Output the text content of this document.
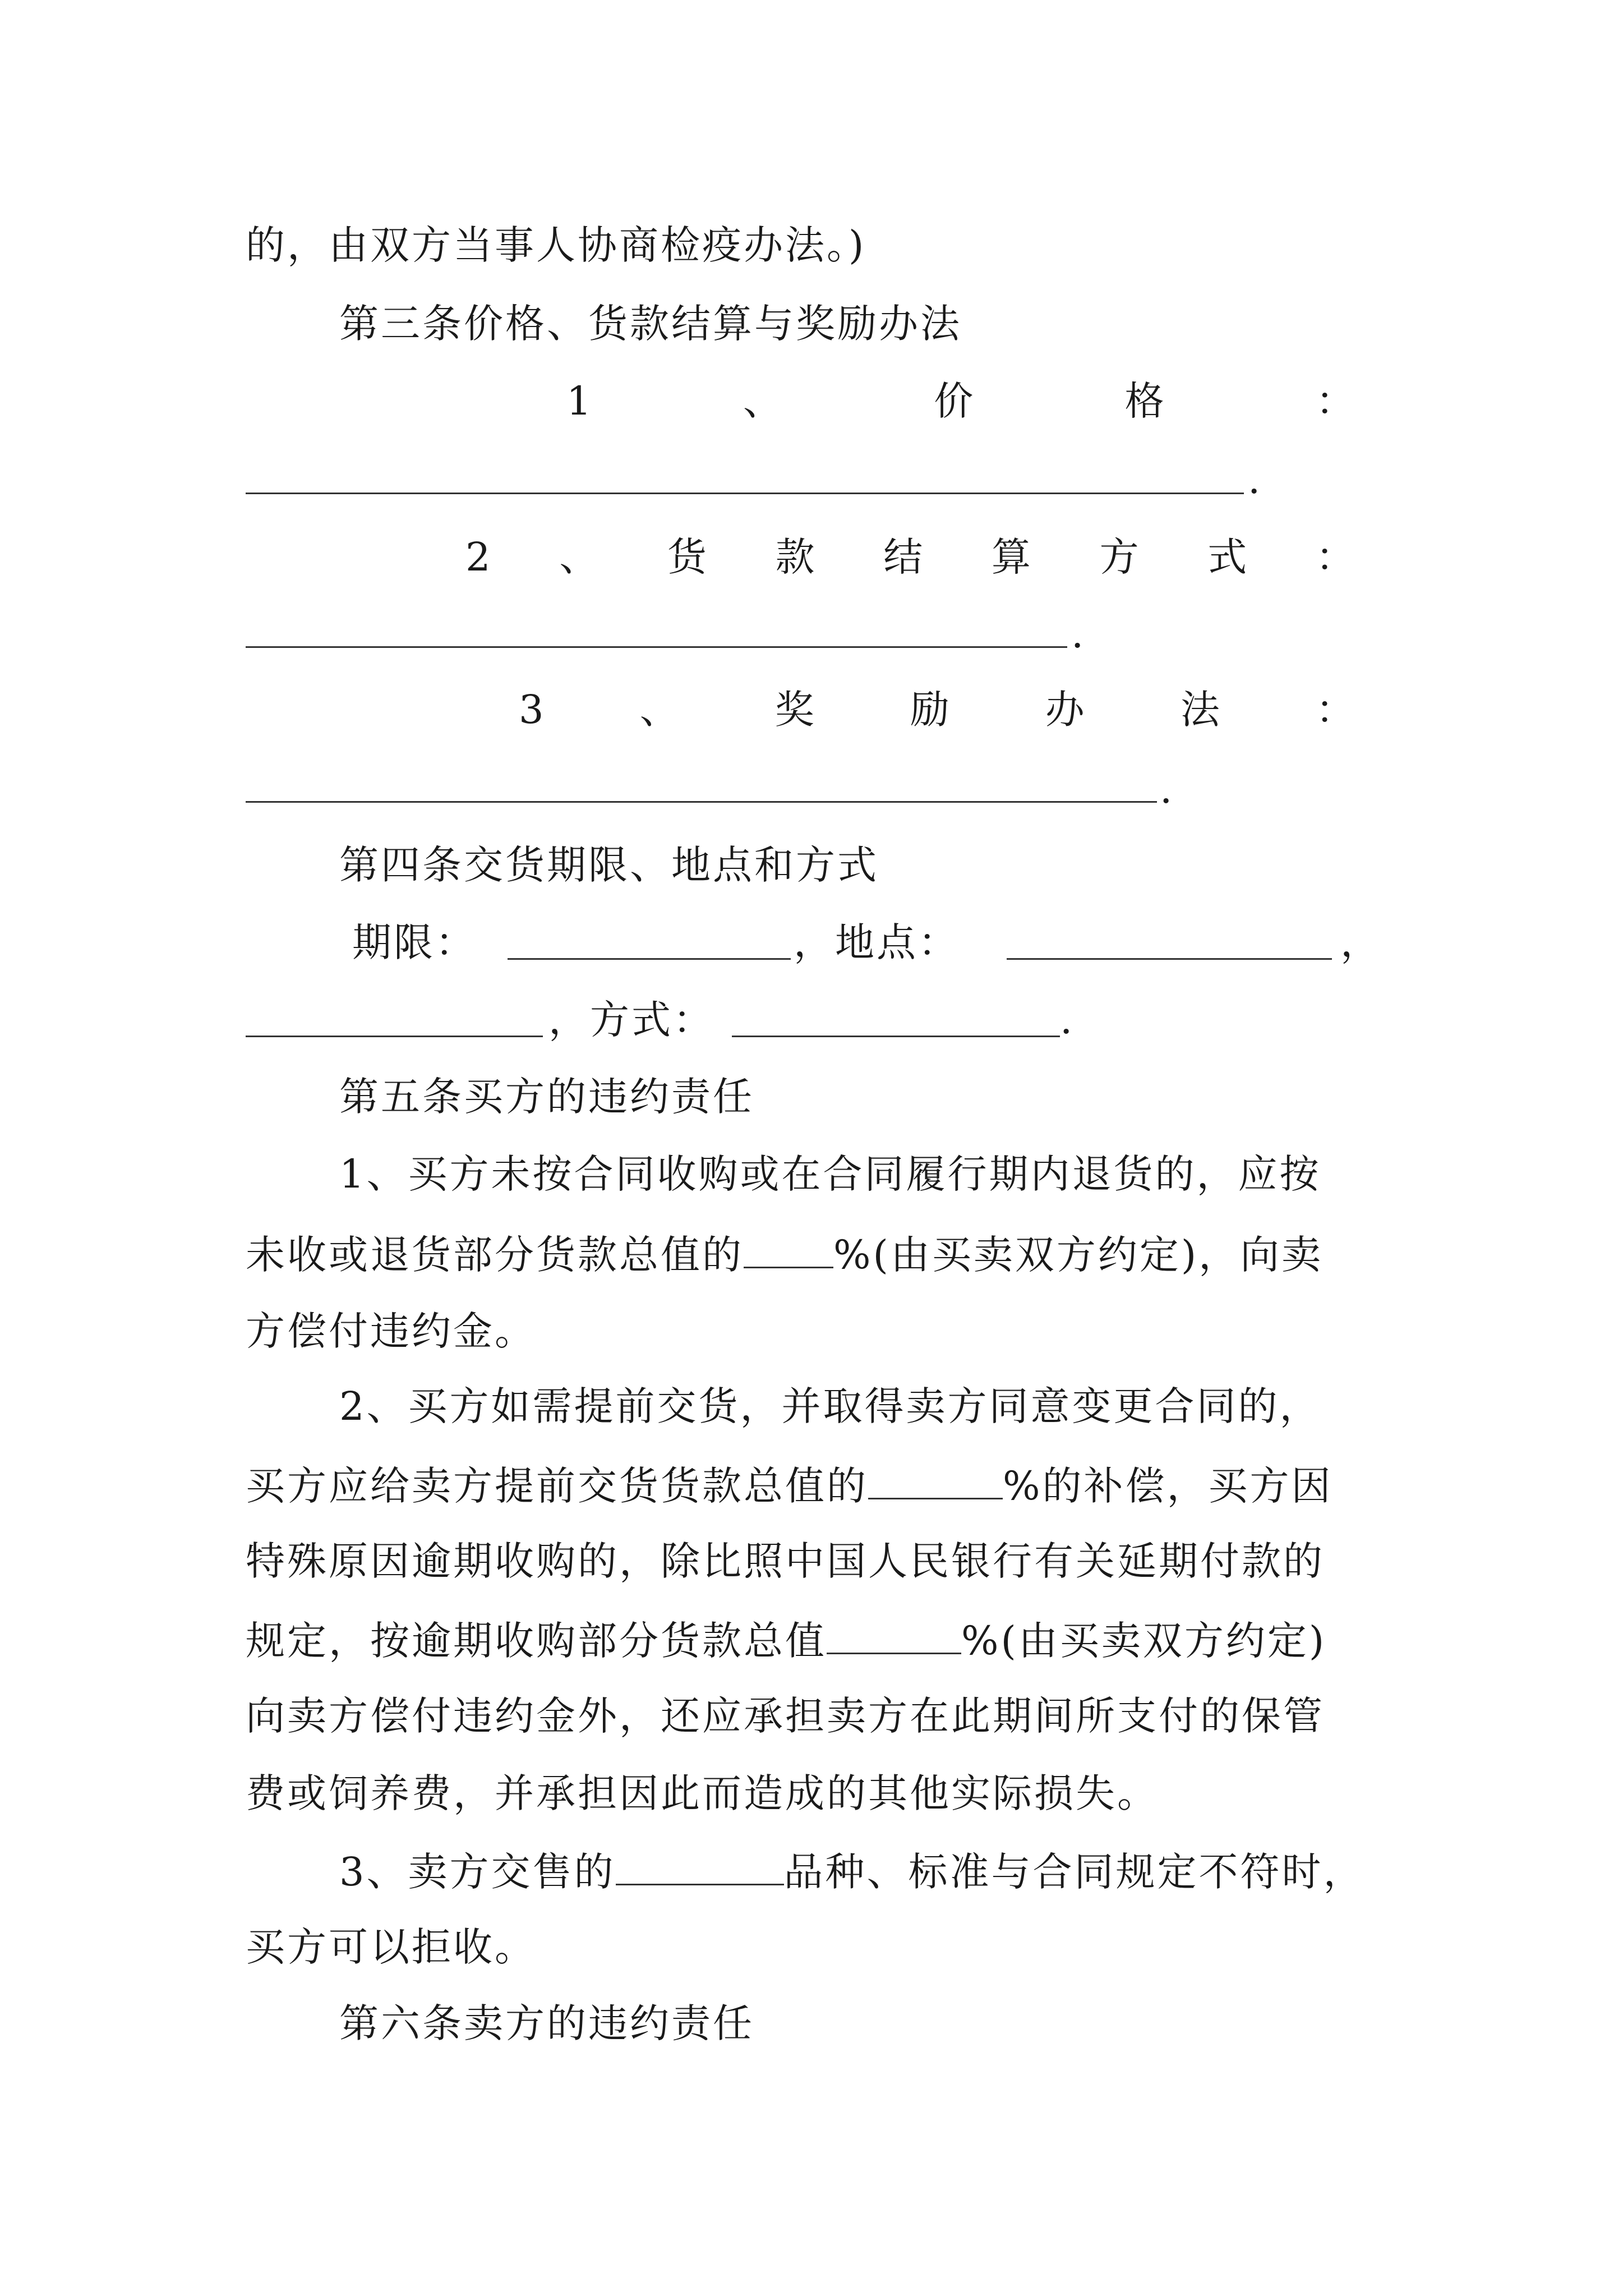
的，由双方当事人协商检疫办法。)
第三条价格、货款结算与奖励办法
1	、	价	格	：
.
2 、 货 款 结 算 方 式 ：
.
3 、 奖 励 办 法 ：
.
第四条交货期限、地点和方式
期限：	，地点：	，
，方式：	.
第五条买方的违约责任
1、买方未按合同收购或在合同履行期内退货的，应按
未收或退货部分货款总值的 %(由买卖双方约定)，向卖
方偿付违约金。
2、买方如需提前交货，并取得卖方同意变更合同的，
买方应给卖方提前交货货款总值的	%的补偿，买方因
特殊原因逾期收购的，除比照中国人民银行有关延期付款的
规定，按逾期收购部分货款总值	%(由买卖双方约定)
向卖方偿付违约金外，还应承担卖方在此期间所支付的保管
费或饲养费，并承担因此而造成的其他实际损失。
3、卖方交售的	品种、标准与合同规定不符时，
买方可以拒收。
第六条卖方的违约责任
